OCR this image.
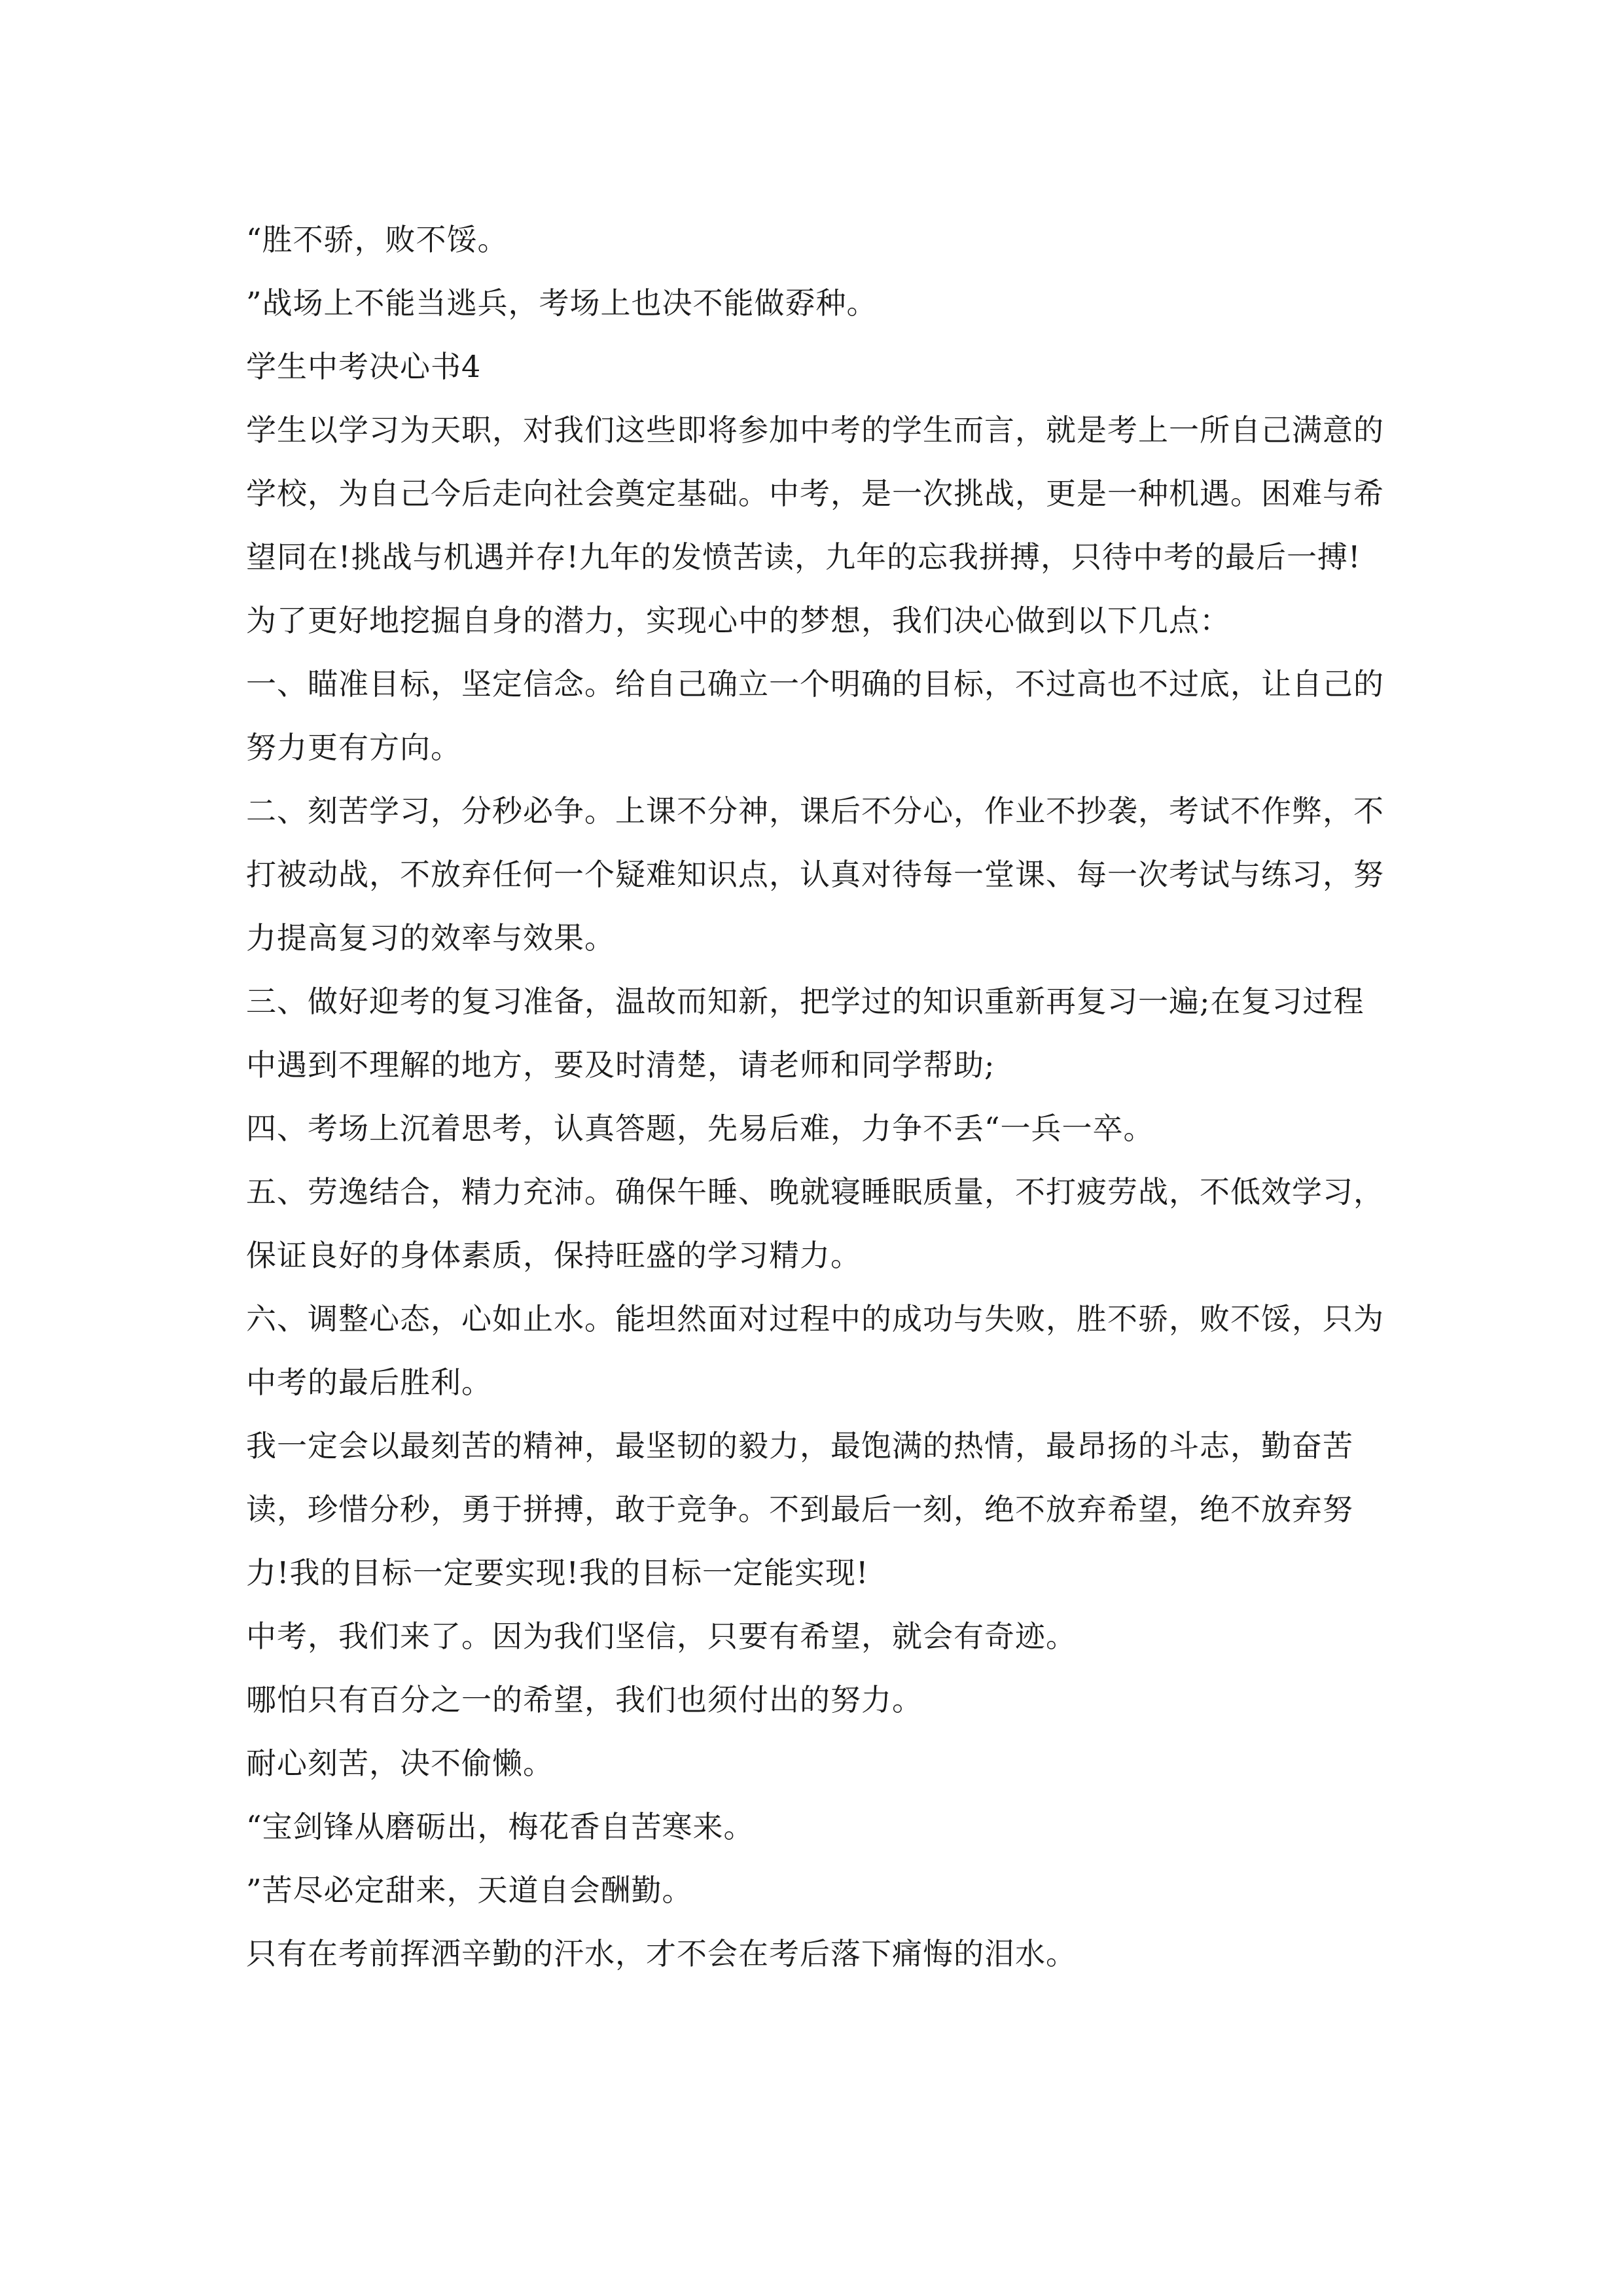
“胜不骄，败不馁。

”战场上不能当逃兵，考场上也决不能做孬种。

学生中考决心书4

学生以学习为天职，对我们这些即将参加中考的学生而言，就是考上一所自己满意的学校，为自己今后走向社会奠定基础。中考，是一次挑战，更是一种机遇。困难与希望同在!挑战与机遇并存!九年的发愤苦读，九年的忘我拼搏，只待中考的最后一搏!为了更好地挖掘自身的潜力，实现心中的梦想，我们决心做到以下几点：

一、瞄准目标，坚定信念。给自己确立一个明确的目标，不过高也不过底，让自己的努力更有方向。

二、刻苦学习，分秒必争。上课不分神，课后不分心，作业不抄袭，考试不作弊，不打被动战，不放弃任何一个疑难知识点，认真对待每一堂课、每一次考试与练习，努力提高复习的效率与效果。

三、做好迎考的复习准备，温故而知新，把学过的知识重新再复习一遍;在复习过程中遇到不理解的地方，要及时清楚，请老师和同学帮助;

四、考场上沉着思考，认真答题，先易后难，力争不丢“一兵一卒。

五、劳逸结合，精力充沛。确保午睡、晚就寝睡眠质量，不打疲劳战，不低效学习，保证良好的身体素质，保持旺盛的学习精力。

六、调整心态，心如止水。能坦然面对过程中的成功与失败，胜不骄，败不馁，只为中考的最后胜利。

我一定会以最刻苦的精神，最坚韧的毅力，最饱满的热情，最昂扬的斗志，勤奋苦读，珍惜分秒，勇于拼搏，敢于竞争。不到最后一刻，绝不放弃希望，绝不放弃努力!我的目标一定要实现!我的目标一定能实现!

中考，我们来了。因为我们坚信，只要有希望，就会有奇迹。

哪怕只有百分之一的希望，我们也须付出的努力。

耐心刻苦，决不偷懒。

“宝剑锋从磨砺出，梅花香自苦寒来。

”苦尽必定甜来，天道自会酬勤。

只有在考前挥洒辛勤的汗水，才不会在考后落下痛悔的泪水。
